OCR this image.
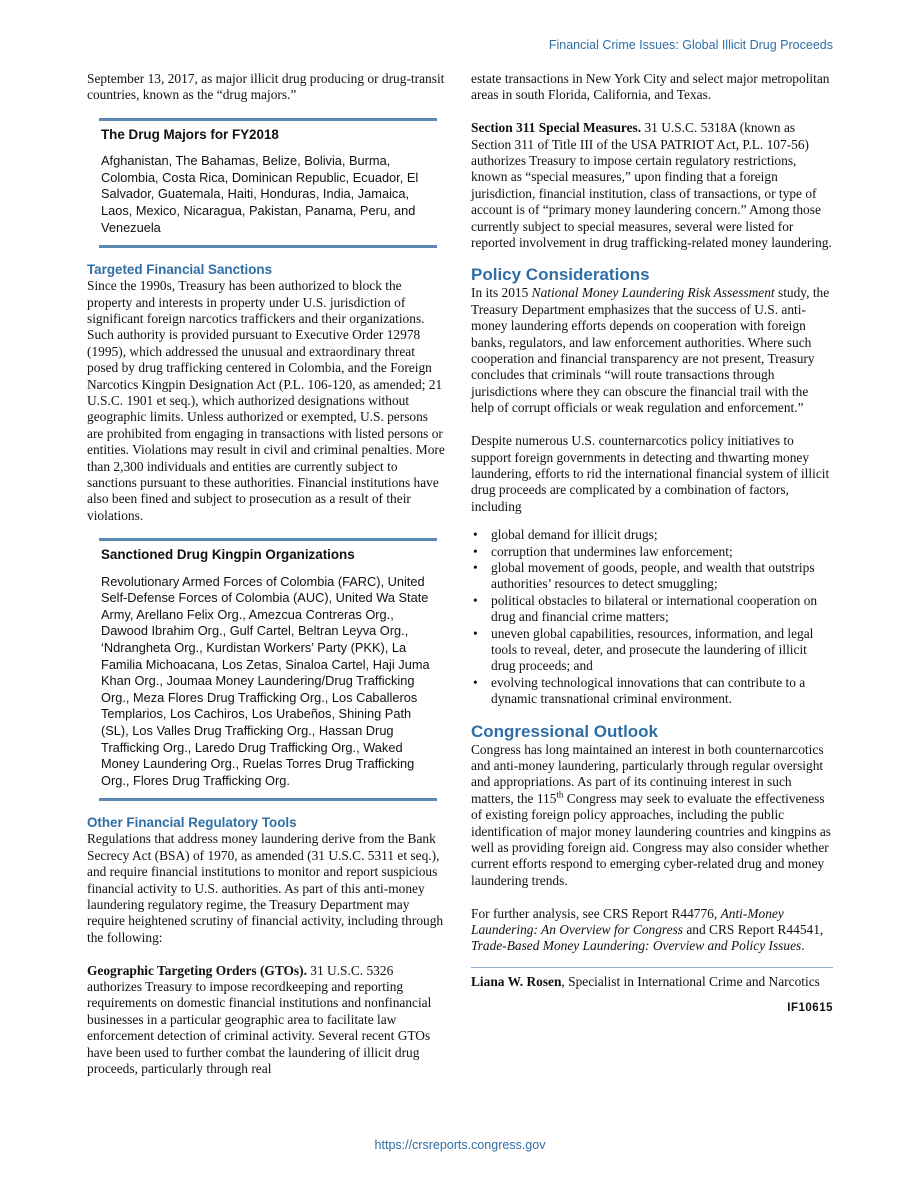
Financial Crime Issues: Global Illicit Drug Proceeds

September 13, 2017, as major illicit drug producing or drug-transit countries, known as the “drug majors.”

The Drug Majors for FY2018
Afghanistan, The Bahamas, Belize, Bolivia, Burma, Colombia, Costa Rica, Dominican Republic, Ecuador, El Salvador, Guatemala, Haiti, Honduras, India, Jamaica, Laos, Mexico, Nicaragua, Pakistan, Panama, Peru, and Venezuela
Targeted Financial Sanctions

Since the 1990s, Treasury has been authorized to block the property and interests in property under U.S. jurisdiction of significant foreign narcotics traffickers and their organizations. Such authority is provided pursuant to Executive Order 12978 (1995), which addressed the unusual and extraordinary threat posed by drug trafficking centered in Colombia, and the Foreign Narcotics Kingpin Designation Act (P.L. 106-120, as amended; 21 U.S.C. 1901 et seq.), which authorized designations without geographic limits. Unless authorized or exempted, U.S. persons are prohibited from engaging in transactions with listed persons or entities. Violations may result in civil and criminal penalties. More than 2,300 individuals and entities are currently subject to sanctions pursuant to these authorities. Financial institutions have also been fined and subject to prosecution as a result of their violations.

Sanctioned Drug Kingpin Organizations
Revolutionary Armed Forces of Colombia (FARC), United Self-Defense Forces of Colombia (AUC), United Wa State Army, Arellano Felix Org., Amezcua Contreras Org., Dawood Ibrahim Org., Gulf Cartel, Beltran Leyva Org., ‘Ndrangheta Org., Kurdistan Workers’ Party (PKK), La Familia Michoacana, Los Zetas, Sinaloa Cartel, Haji Juma Khan Org., Joumaa Money Laundering/Drug Trafficking Org., Meza Flores Drug Trafficking Org., Los Caballeros Templarios, Los Cachiros, Los Urabeños, Shining Path (SL), Los Valles Drug Trafficking Org., Hassan Drug Trafficking Org., Laredo Drug Trafficking Org., Waked Money Laundering Org., Ruelas Torres Drug Trafficking Org., Flores Drug Trafficking Org.
Other Financial Regulatory Tools

Regulations that address money laundering derive from the Bank Secrecy Act (BSA) of 1970, as amended (31 U.S.C. 5311 et seq.), and require financial institutions to monitor and report suspicious financial activity to U.S. authorities. As part of this anti-money laundering regulatory regime, the Treasury Department may require heightened scrutiny of financial activity, including through the following:

Geographic Targeting Orders (GTOs). 31 U.S.C. 5326 authorizes Treasury to impose recordkeeping and reporting requirements on domestic financial institutions and nonfinancial businesses in a particular geographic area to facilitate law enforcement detection of criminal activity. Several recent GTOs have been used to further combat the laundering of illicit drug proceeds, particularly through real

estate transactions in New York City and select major metropolitan areas in south Florida, California, and Texas.

Section 311 Special Measures. 31 U.S.C. 5318A (known as Section 311 of Title III of the USA PATRIOT Act, P.L. 107-56) authorizes Treasury to impose certain regulatory restrictions, known as “special measures,” upon finding that a foreign jurisdiction, financial institution, class of transactions, or type of account is of “primary money laundering concern.” Among those currently subject to special measures, several were listed for reported involvement in drug trafficking-related money laundering.

Policy Considerations

In its 2015 National Money Laundering Risk Assessment study, the Treasury Department emphasizes that the success of U.S. anti-money laundering efforts depends on cooperation with foreign banks, regulators, and law enforcement authorities. Where such cooperation and financial transparency are not present, Treasury concludes that criminals “will route transactions through jurisdictions where they can obscure the financial trail with the help of corrupt officials or weak regulation and enforcement.”

Despite numerous U.S. counternarcotics policy initiatives to support foreign governments in detecting and thwarting money laundering, efforts to rid the international financial system of illicit drug proceeds are complicated by a combination of factors, including

• global demand for illicit drugs;
• corruption that undermines law enforcement;
• global movement of goods, people, and wealth that outstrips authorities’ resources to detect smuggling;
• political obstacles to bilateral or international cooperation on drug and financial crime matters;
• uneven global capabilities, resources, information, and legal tools to reveal, deter, and prosecute the laundering of illicit drug proceeds; and
• evolving technological innovations that can contribute to a dynamic transnational criminal environment.
Congressional Outlook

Congress has long maintained an interest in both counternarcotics and anti-money laundering, particularly through regular oversight and appropriations. As part of its continuing interest in such matters, the 115th Congress may seek to evaluate the effectiveness of existing foreign policy approaches, including the public identification of major money laundering countries and kingpins as well as providing foreign aid. Congress may also consider whether current efforts respond to emerging cyber-related drug and money laundering trends.

For further analysis, see CRS Report R44776, Anti-Money Laundering: An Overview for Congress and CRS Report R44541, Trade-Based Money Laundering: Overview and Policy Issues.

Liana W. Rosen, Specialist in International Crime and Narcotics

IF10615
https://crsreports.congress.gov
